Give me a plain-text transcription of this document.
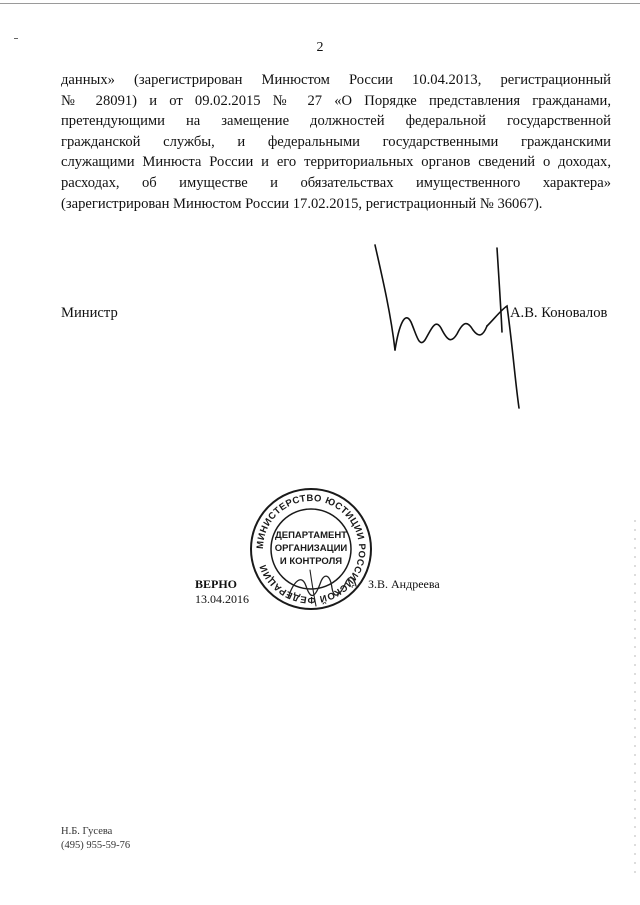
2
данных» (зарегистрирован Минюстом России 10.04.2013, регистрационный
№ 28091) и от 09.02.2015 № 27 «О Порядке представления гражданами,
претендующими на замещение должностей федеральной государственной
гражданской службы, и федеральными государственными гражданскими
служащими Минюста России и его территориальных органов сведений о доходах,
расходах, об имуществе и обязательствах имущественного характера»
(зарегистрирован Минюстом России 17.02.2015, регистрационный № 36067).
Министр	А.В. Коновалов
МИНИСТЕРСТВО ЮСТИЦИИ РОССИЙСКОЙ ФЕДЕРАЦИИ
ДЕПАРТАМЕНТ
ОРГАНИЗАЦИИ
И КОНТРОЛЯ
ВЕРНО
13.04.2016
З.В. Андреева
Н.Б. Гусева
(495) 955-59-76
